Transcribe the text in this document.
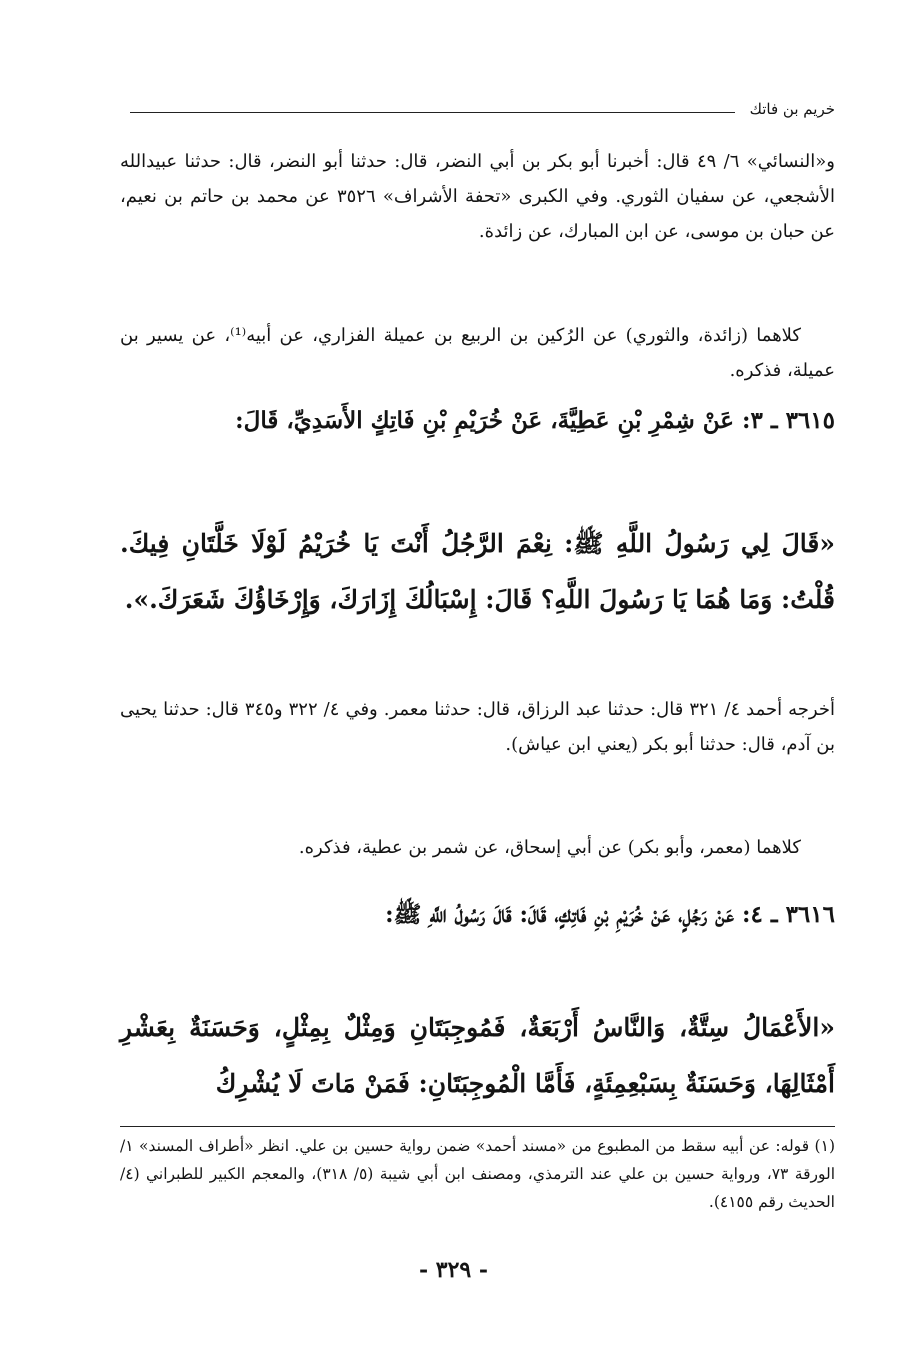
خريم بن فاتك
و«النسائي» ٦/ ٤٩ قال: أخبرنا أبو بكر بن أبي النضر، قال: حدثنا أبو النضر، قال: حدثنا عبيدالله الأشجعي، عن سفيان الثوري. وفي الكبرى «تحفة الأشراف» ٣٥٢٦ عن محمد بن حاتم بن نعيم، عن حبان بن موسى، عن ابن المبارك، عن زائدة.
كلاهما (زائدة، والثوري) عن الرُكين بن الربيع بن عميلة الفزاري، عن أبيه⁽¹⁾، عن يسير بن عميلة، فذكره.
٣٦١٥ ـ ٣: عَنْ شِمْرِ بْنِ عَطِيَّةَ، عَنْ خُرَيْمِ بْنِ فَاتِكٍ الأَسَدِيِّ، قَالَ:
«قَالَ لِي رَسُولُ اللَّهِ ﷺ: نِعْمَ الرَّجُلُ أَنْتَ يَا خُرَيْمُ لَوْلَا خَلَّتَانِ فِيكَ. قُلْتُ: وَمَا هُمَا يَا رَسُولَ اللَّهِ؟ قَالَ: إِسْبَالُكَ إِزَارَكَ، وَإِرْخَاؤُكَ شَعَرَكَ.».
أخرجه أحمد ٤/ ٣٢١ قال: حدثنا عبد الرزاق، قال: حدثنا معمر. وفي ٤/ ٣٢٢ و٣٤٥ قال: حدثنا يحيى بن آدم، قال: حدثنا أبو بكر (يعني ابن عياش).
كلاهما (معمر، وأبو بكر) عن أبي إسحاق، عن شمر بن عطية، فذكره.
٣٦١٦ ـ ٤: عَنْ رَجُلٍ، عَنْ خُرَيْمِ بْنِ فَاتِكٍ، قَالَ: قَالَ رَسُولُ اللَّهِ ﷺ:
«الأَعْمَالُ سِتَّةٌ، وَالنَّاسُ أَرْبَعَةٌ، فَمُوجِبَتَانِ وَمِثْلٌ بِمِثْلٍ، وَحَسَنَةٌ بِعَشْرِ أَمْثَالِهَا، وَحَسَنَةٌ بِسَبْعِمِئَةٍ، فَأَمَّا الْمُوجِبَتَانِ: فَمَنْ مَاتَ لَا يُشْرِكُ
(١) قوله: عن أبيه سقط من المطبوع من «مسند أحمد» ضمن رواية حسين بن علي. انظر «أطراف المسند» ١/ الورقة ٧٣، ورواية حسين بن علي عند الترمذي، ومصنف ابن أبي شيبة (٥/ ٣١٨)، والمعجم الكبير للطبراني (٤/ الحديث رقم ٤١٥٥).
- ٣٢٩ -
